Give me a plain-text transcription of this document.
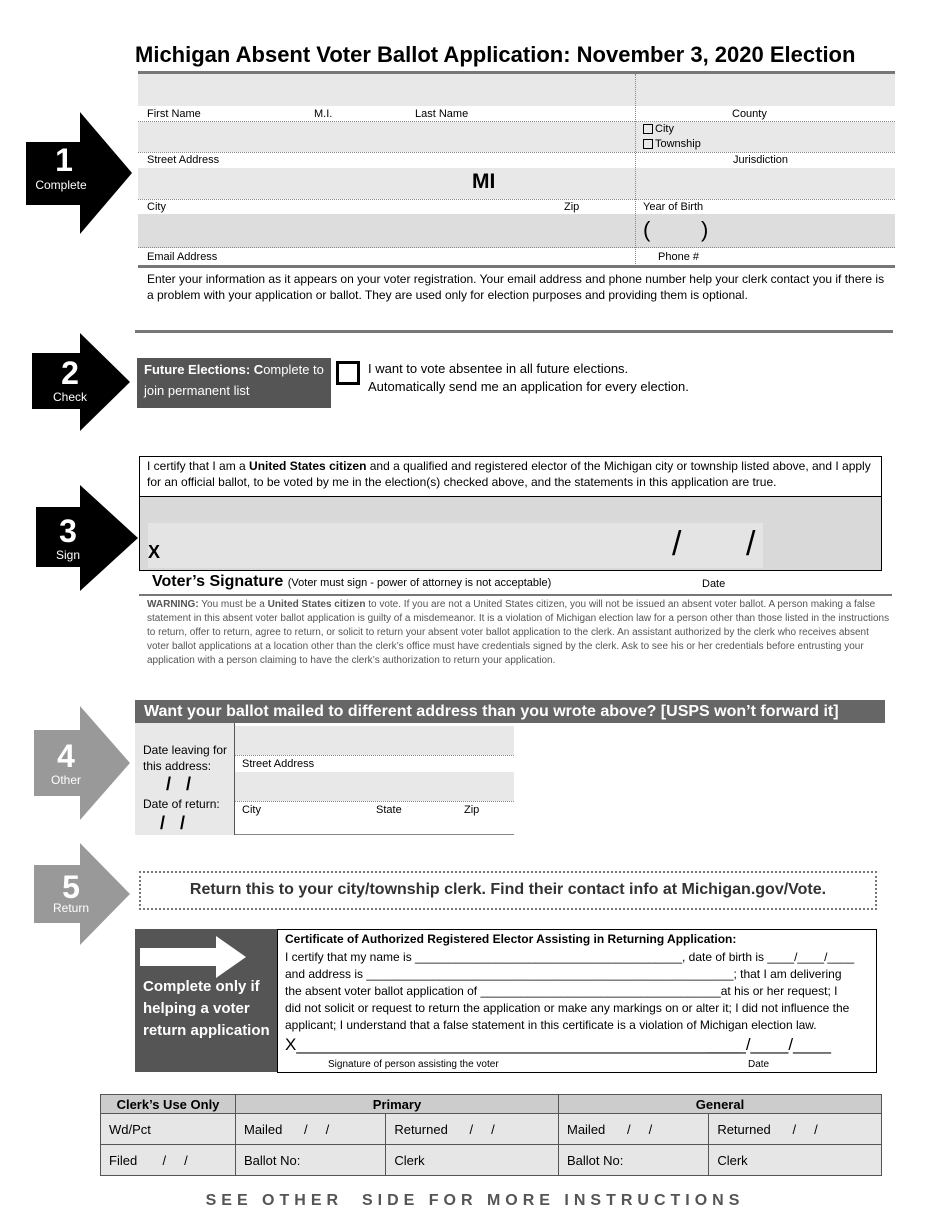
Michigan Absent Voter Ballot Application: November 3, 2020 Election
1
Complete
First Name	M.I.	Last Name	County
City
Township
Street Address	Jurisdiction
MI
City	Zip	Year of Birth
( )
Email Address	Phone #
Enter your information as it appears on your voter registration. Your email address and phone number help your clerk contact you if there is a problem with your application or ballot. They are used only for election purposes and providing them is optional.
2
Check
Future Elections: Complete to join permanent list
I want to vote absentee in all future elections.
Automatically send me an application for every election.
3
Sign
I certify that I am a United States citizen and a qualified and registered elector of the Michigan city or township listed above, and I apply for an official ballot, to be voted by me in the election(s) checked above, and the statements in this application are true.
X	/ /
Voter’s Signature (Voter must sign - power of attorney is not acceptable)	Date
WARNING: You must be a United States citizen to vote. If you are not a United States citizen, you will not be issued an absent voter ballot. A person making a false statement in this absent voter ballot application is guilty of a misdemeanor. It is a violation of Michigan election law for a person other than those listed in the instructions to return, offer to return, agree to return, or solicit to return your absent voter ballot application to the clerk. An assistant authorized by the clerk who receives absent voter ballot applications at a location other than the clerk’s office must have credentials signed by the clerk. Ask to see his or her credentials before entrusting your application with a person claiming to have the clerk’s authorization to return your application.
4
Other
Want your ballot mailed to different address than you wrote above? [USPS won’t forward it]
Date leaving for this address:
/   /
Date of return:
/   /
Street Address
City	State	Zip
5
Return
Return this to your city/township clerk. Find their contact info at Michigan.gov/Vote.
Complete only if helping a voter return application
Certificate of Authorized Registered Elector Assisting in Returning Application:
I certify that my name is ________________________________________, date of birth is ____/____/____
and address is _______________________________________________________; that I am delivering
the absent voter ballot application of ____________________________________at his or her request; I
did not solicit or request to return the application or make any markings on or alter it; I did not influence the
applicant; I understand that a false statement in this certificate is a violation of Michigan election law.
X_______________________________________________
____/____/____
Signature of person assisting the voter	Date
Clerk’s Use Only	Primary		General	
Wd/Pct	Mailed      /     /	Returned      /     /	Mailed      /     /	Returned      /     /
Filed       /     /	Ballot No:	Clerk	Ballot No:	Clerk
SEE OTHER  SIDE FOR MORE INSTRUCTIONS
